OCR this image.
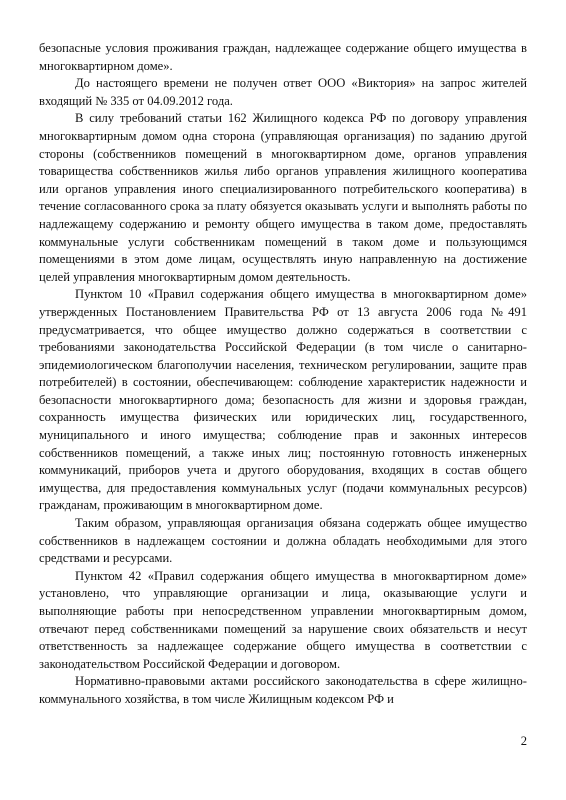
безопасные условия проживания граждан, надлежащее содержание общего имущества в многоквартирном доме».

До настоящего времени не получен ответ ООО «Виктория» на запрос жителей входящий № 335 от 04.09.2012 года.

В силу требований статьи 162 Жилищного кодекса РФ по договору управления многоквартирным домом одна сторона (управляющая организация) по заданию другой стороны (собственников помещений в многоквартирном доме, органов управления товарищества собственников жилья либо органов управления жилищного кооператива или органов управления иного специализированного потребительского кооператива) в течение согласованного срока за плату обязуется оказывать услуги и выполнять работы по надлежащему содержанию и ремонту общего имущества в таком доме, предоставлять коммунальные услуги собственникам помещений в таком доме и пользующимся помещениями в этом доме лицам, осуществлять иную направленную на достижение целей управления многоквартирным домом деятельность.

Пунктом 10 «Правил содержания общего имущества в многоквартирном доме» утвержденных Постановлением Правительства РФ от 13 августа 2006 года №491 предусматривается, что общее имущество должно содержаться в соответствии с требованиями законодательства Российской Федерации (в том числе о санитарно-эпидемиологическом благополучии населения, техническом регулировании, защите прав потребителей) в состоянии, обеспечивающем: соблюдение характеристик надежности и безопасности многоквартирного дома; безопасность для жизни и здоровья граждан, сохранность имущества физических или юридических лиц, государственного, муниципального и иного имущества; соблюдение прав и законных интересов собственников помещений, а также иных лиц; постоянную готовность инженерных коммуникаций, приборов учета и другого оборудования, входящих в состав общего имущества, для предоставления коммунальных услуг (подачи коммунальных ресурсов) гражданам, проживающим в многоквартирном доме.

Таким образом, управляющая организация обязана содержать общее имущество собственников в надлежащем состоянии и должна обладать необходимыми для этого средствами и ресурсами.

Пунктом 42 «Правил содержания общего имущества в многоквартирном доме» установлено, что управляющие организации и лица, оказывающие услуги и выполняющие работы при непосредственном управлении многоквартирным домом, отвечают перед собственниками помещений за нарушение своих обязательств и несут ответственность за надлежащее содержание общего имущества в соответствии с законодательством Российской Федерации и договором.

Нормативно-правовыми актами российского законодательства в сфере жилищно-коммунального хозяйства, в том числе Жилищным кодексом РФ и

2
